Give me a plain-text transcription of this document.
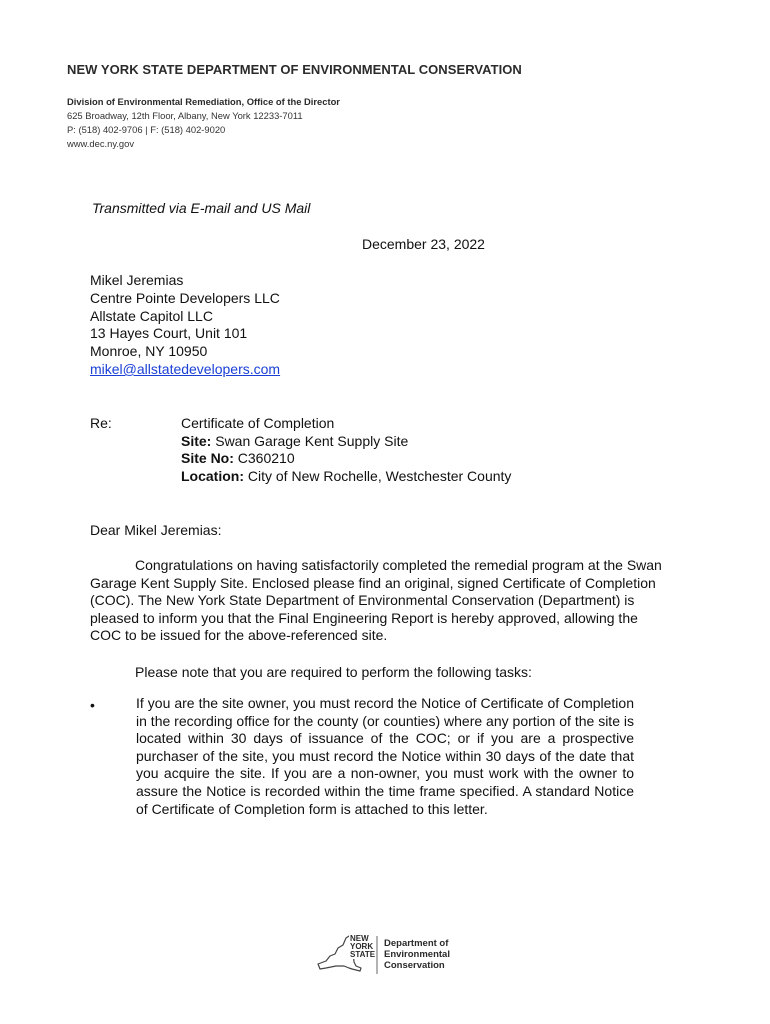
NEW YORK STATE DEPARTMENT OF ENVIRONMENTAL CONSERVATION
Division of Environmental Remediation, Office of the Director
625 Broadway, 12th Floor, Albany, New York 12233-7011
P: (518) 402-9706 | F: (518) 402-9020
www.dec.ny.gov
Transmitted via E-mail and US Mail
December 23, 2022
Mikel Jeremias
Centre Pointe Developers LLC
Allstate Capitol LLC
13 Hayes Court, Unit 101
Monroe, NY 10950
mikel@allstatedevelopers.com
Re:	Certificate of Completion
Site: Swan Garage Kent Supply Site
Site No: C360210
Location: City of New Rochelle, Westchester County
Dear Mikel Jeremias:
Congratulations on having satisfactorily completed the remedial program at the Swan Garage Kent Supply Site. Enclosed please find an original, signed Certificate of Completion (COC). The New York State Department of Environmental Conservation (Department) is pleased to inform you that the Final Engineering Report is hereby approved, allowing the COC to be issued for the above-referenced site.
Please note that you are required to perform the following tasks:
•	If you are the site owner, you must record the Notice of Certificate of Completion in the recording office for the county (or counties) where any portion of the site is located within 30 days of issuance of the COC; or if you are a prospective purchaser of the site, you must record the Notice within 30 days of the date that you acquire the site. If you are a non-owner, you must work with the owner to assure the Notice is recorded within the time frame specified. A standard Notice of Certificate of Completion form is attached to this letter.
NEW
YORK
STATE
Department of
Environmental
Conservation
